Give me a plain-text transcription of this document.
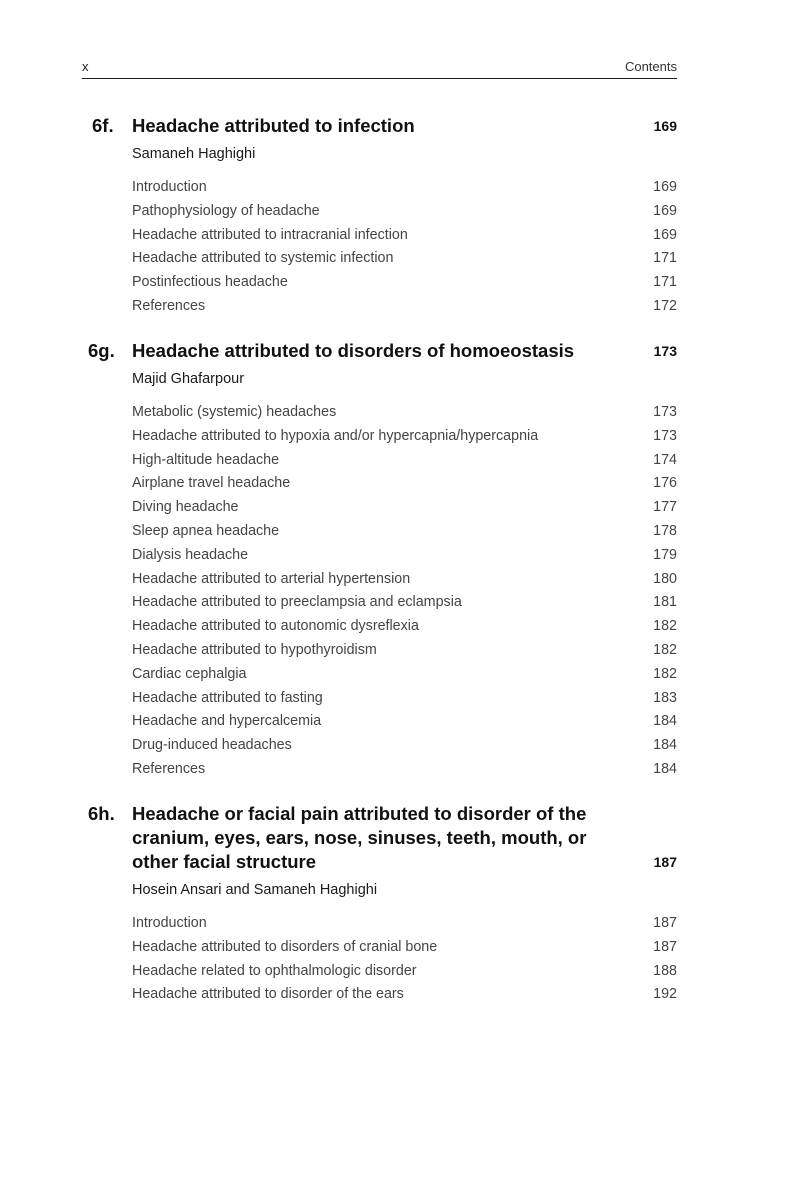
x	Contents
6f. Headache attributed to infection	169
Samaneh Haghighi
Introduction	169
Pathophysiology of headache	169
Headache attributed to intracranial infection	169
Headache attributed to systemic infection	171
Postinfectious headache	171
References	172
6g. Headache attributed to disorders of homoeostasis	173
Majid Ghafarpour
Metabolic (systemic) headaches	173
Headache attributed to hypoxia and/or hypercapnia/hypercapnia	173
High-altitude headache	174
Airplane travel headache	176
Diving headache	177
Sleep apnea headache	178
Dialysis headache	179
Headache attributed to arterial hypertension	180
Headache attributed to preeclampsia and eclampsia	181
Headache attributed to autonomic dysreflexia	182
Headache attributed to hypothyroidism	182
Cardiac cephalgia	182
Headache attributed to fasting	183
Headache and hypercalcemia	184
Drug-induced headaches	184
References	184
6h. Headache or facial pain attributed to disorder of the cranium, eyes, ears, nose, sinuses, teeth, mouth, or other facial structure	187
Hosein Ansari and Samaneh Haghighi
Introduction	187
Headache attributed to disorders of cranial bone	187
Headache related to ophthalmologic disorder	188
Headache attributed to disorder of the ears	192
